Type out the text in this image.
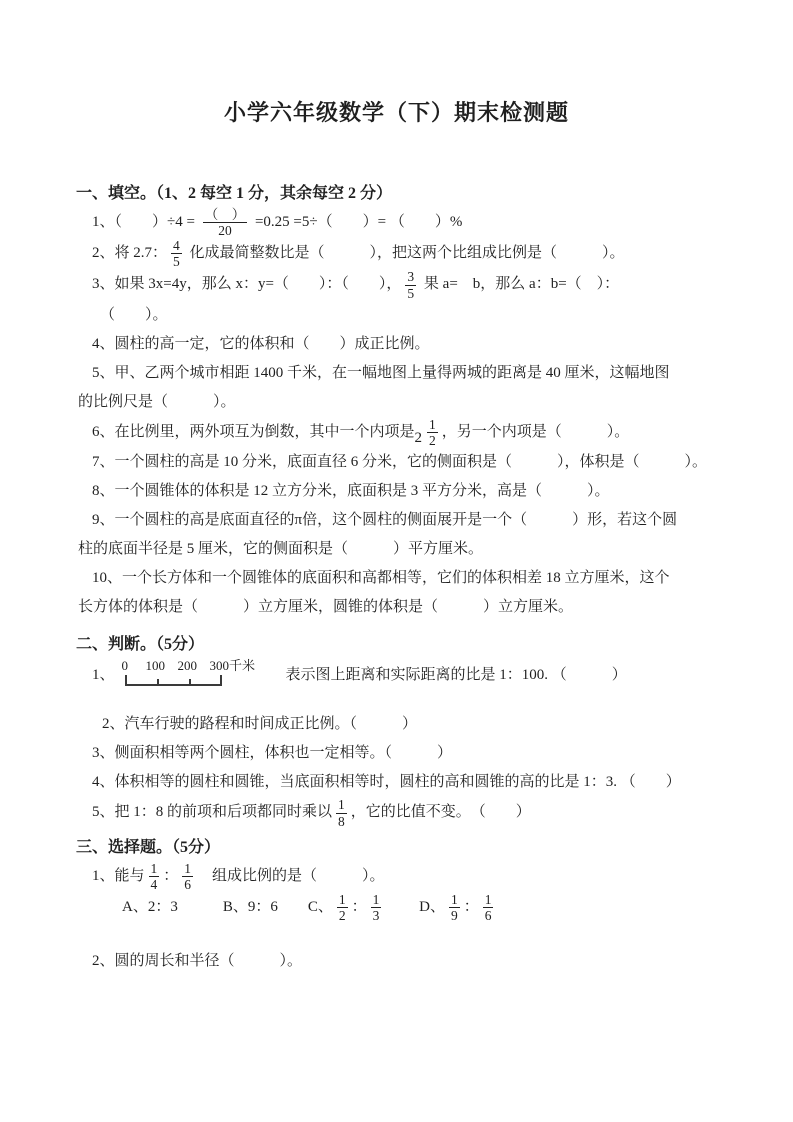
小学六年级数学（下）期末检测题
一、填空。（1、2 每空 1 分，其余每空 2 分）
1、（　　）$\div 4 = \frac{( )}{20} =0.25 =5\div$（　　）= （　　）%
2、将 2.7： $\frac{4}{5}$ 化成最简整数比是（　　　），把这两个比组成比例是（　　　）。
3、如果 3x=4y，那么 x：y=（　　）：（　　）， $\frac{3}{5}$ 果 a=　b，那么 a：b=（　）：
（　　）。
4、圆柱的高一定，它的体积和（　　）成正比例。
5、甲、乙两个城市相距 1400 千米，在一幅地图上量得两城的距离是 40 厘米，这幅地图
的比例尺是（　　　）。
6、在比例里，两外项互为倒数，其中一个内项是 $2 \frac{1}{2}$ ，另一个内项是（　　　）。
7、一个圆柱的高是 10 分米，底面直径 6 分米，它的侧面积是（　　　），体积是（　　　）。
8、一个圆锥体的体积是 12 立方分米，底面积是 3 平方分米，高是（　　　）。
9、一个圆柱的高是底面直径的π倍，这个圆柱的侧面展开是一个（　　　）形，若这个圆
柱的底面半径是 5 厘米，它的侧面积是（　　　）平方厘米。
10、一个长方体和一个圆锥体的底面积和高都相等，它们的体积相差 18 立方厘米，这个
长方体的体积是（　　　）立方厘米，圆锥的体积是（　　　）立方厘米。
二、判断。（5分）
1、
0 100 200 300千米
　表示图上距离和实际距离的比是 1：100. （　　　）
2、汽车行驶的路程和时间成正比例。（　　　）
3、侧面积相等两个圆柱，体积也一定相等。（　　　）
4、体积相等的圆柱和圆锥，当底面积相等时，圆柱的高和圆锥的高的比是 1：3. （　　）
5、把 1：8 的前项和后项都同时乘以 $\frac{1}{8}$ ，它的比值不变。　（　　）
三、选择题。（5分）
1、能与 $\frac{1}{4}$ ： $\frac{1}{6}$ 　组成比例的是（　　　）。
A、2：3　　　B、9：6　　C、 $\frac{1}{2}$ ： $\frac{1}{3}$ 　　 D、 $\frac{1}{9}$ ： $\frac{1}{6}$
2、圆的周长和半径（　　　）。
